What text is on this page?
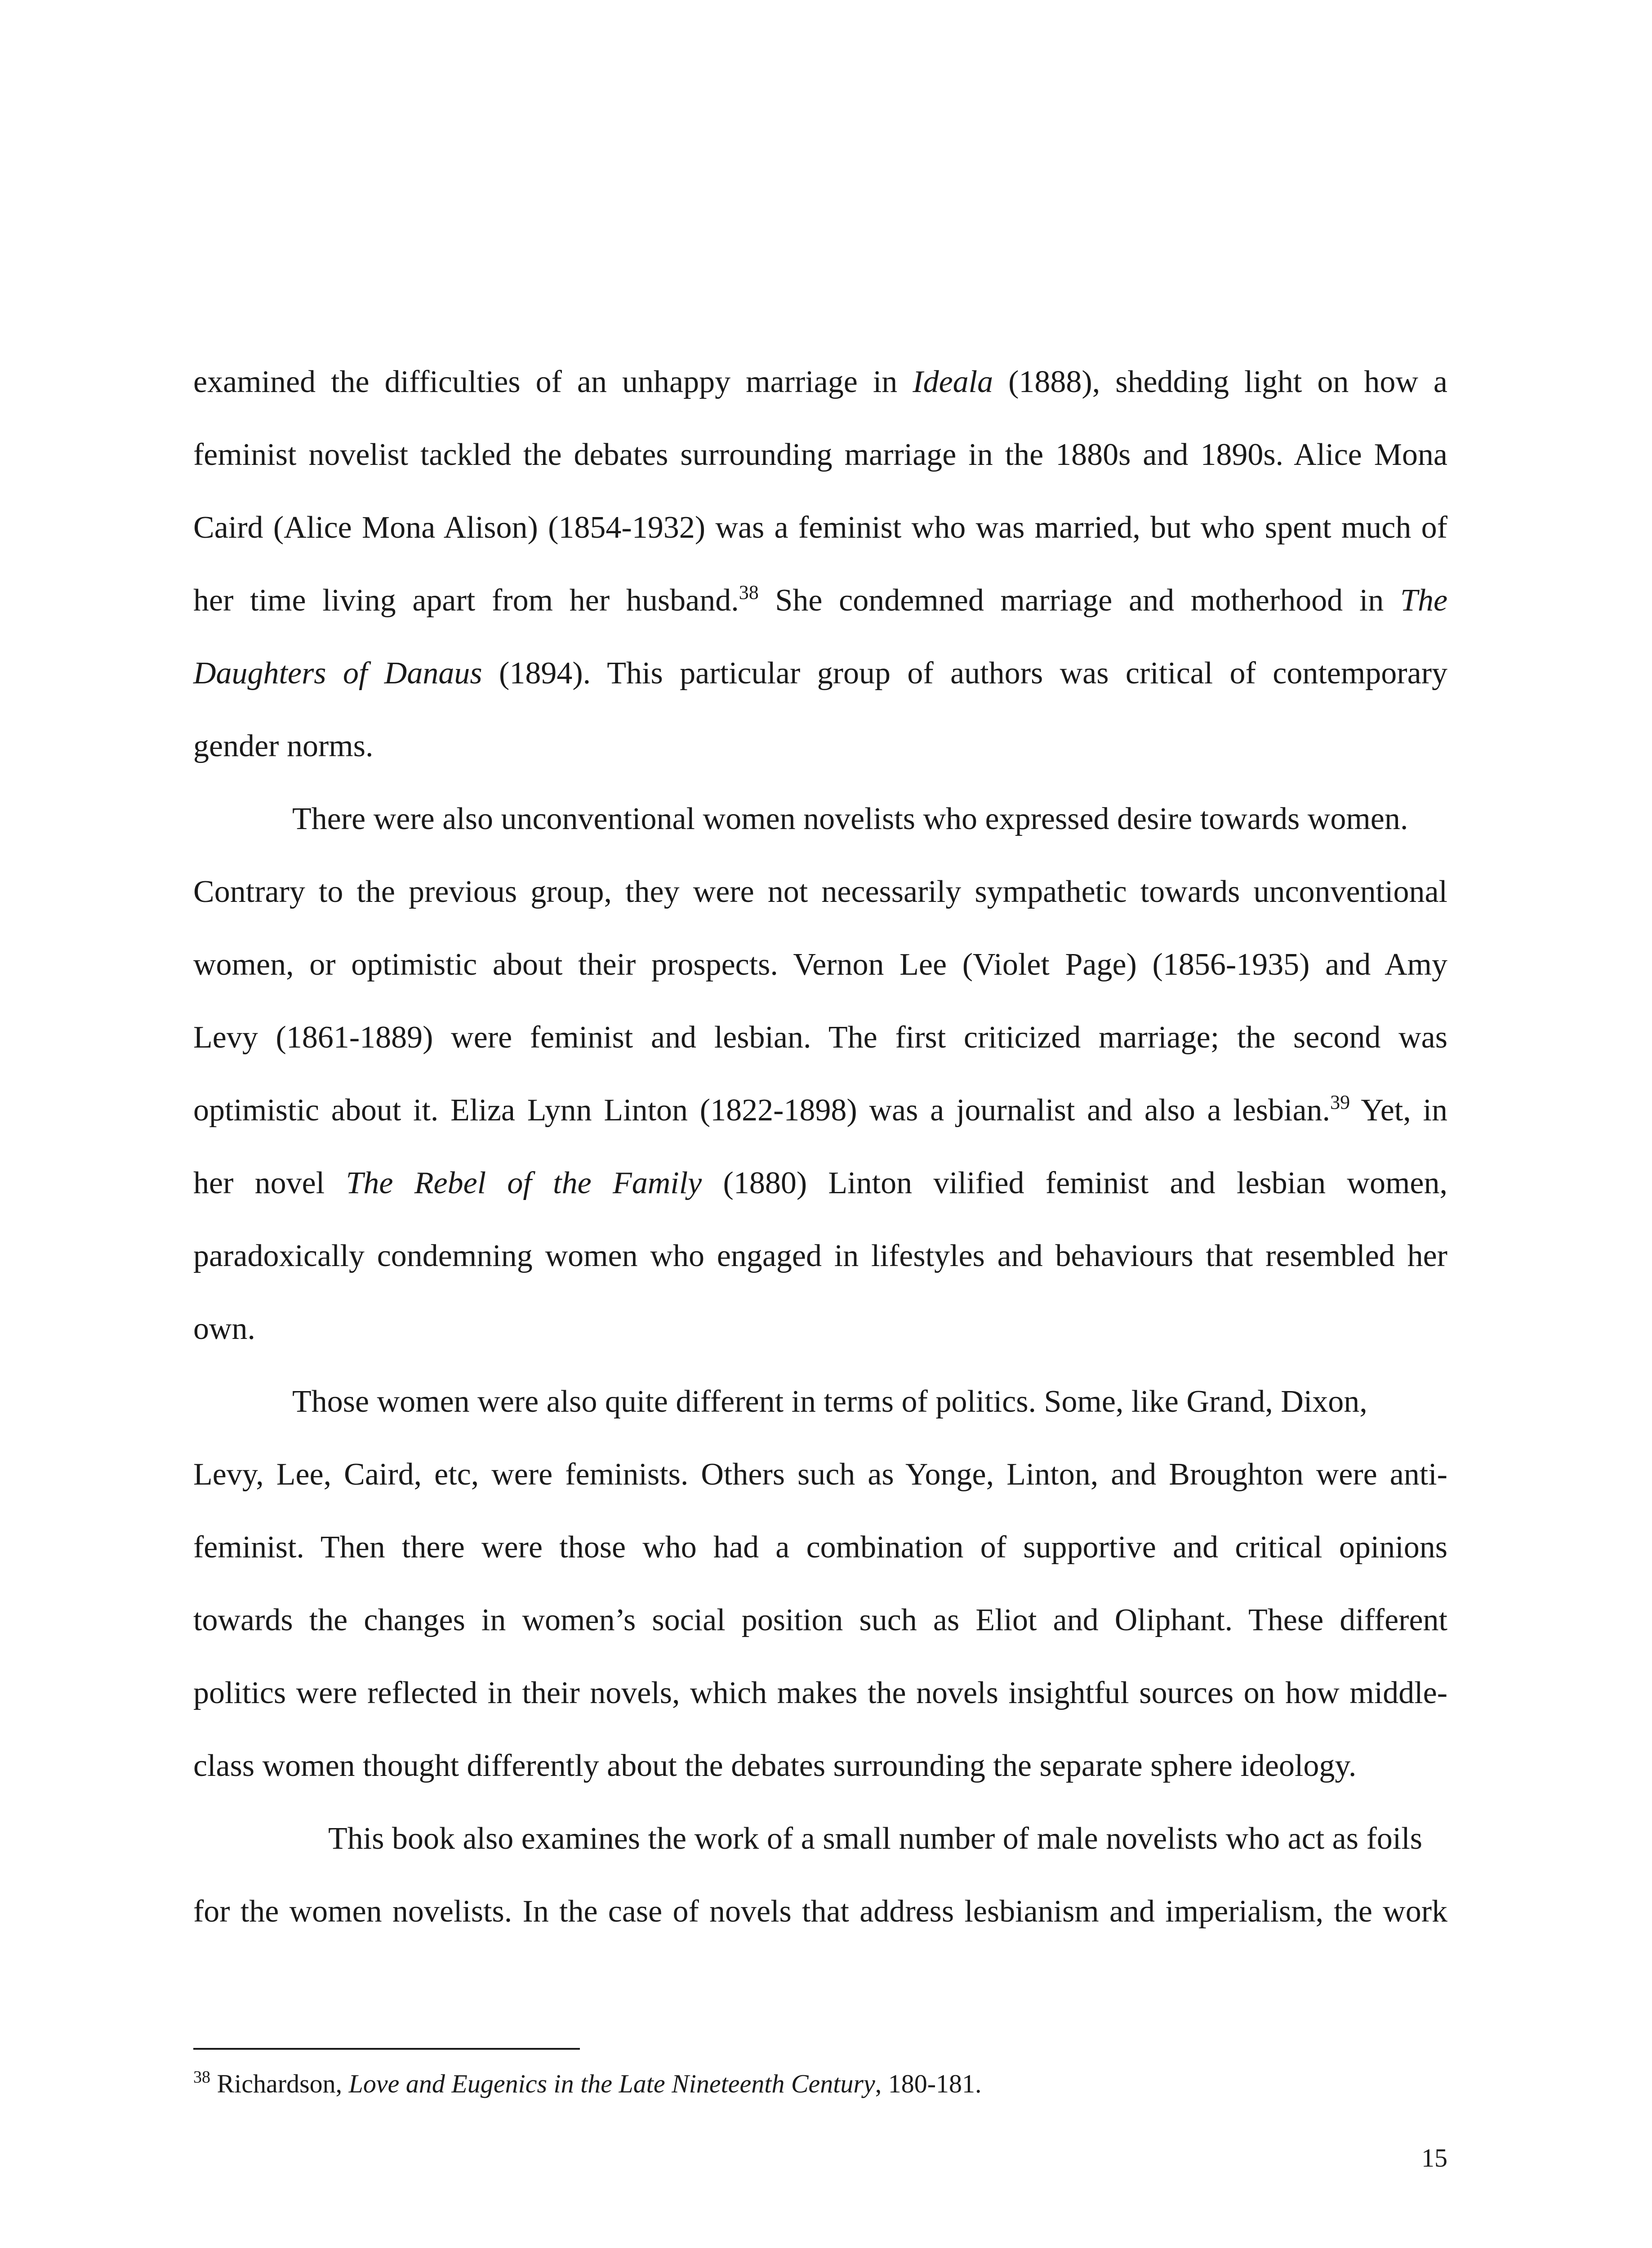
examined the difficulties of an unhappy marriage in Ideala (1888), shedding light on how a
feminist novelist tackled the debates surrounding marriage in the 1880s and 1890s. Alice Mona
Caird (Alice Mona Alison) (1854-1932) was a feminist who was married, but who spent much of
her time living apart from her husband.$^{38}$ She condemned marriage and motherhood in The
Daughters of Danaus (1894). This particular group of authors was critical of contemporary
gender norms.
There were also unconventional women novelists who expressed desire towards women.
Contrary to the previous group, they were not necessarily sympathetic towards unconventional
women, or optimistic about their prospects. Vernon Lee (Violet Page) (1856-1935) and Amy
Levy (1861-1889) were feminist and lesbian. The first criticized marriage; the second was
optimistic about it. Eliza Lynn Linton (1822-1898) was a journalist and also a lesbian.$^{39}$ Yet, in
her novel The Rebel of the Family (1880) Linton vilified feminist and lesbian women,
paradoxically condemning women who engaged in lifestyles and behaviours that resembled her
own.
Those women were also quite different in terms of politics. Some, like Grand, Dixon,
Levy, Lee, Caird, etc, were feminists. Others such as Yonge, Linton, and Broughton were anti-
feminist. Then there were those who had a combination of supportive and critical opinions
towards the changes in women’s social position such as Eliot and Oliphant. These different
politics were reflected in their novels, which makes the novels insightful sources on how middle-
class women thought differently about the debates surrounding the separate sphere ideology.
This book also examines the work of a small number of male novelists who act as foils
for the women novelists. In the case of novels that address lesbianism and imperialism, the work
$^{38}$ Richardson, Love and Eugenics in the Late Nineteenth Century, 180-181.
15
